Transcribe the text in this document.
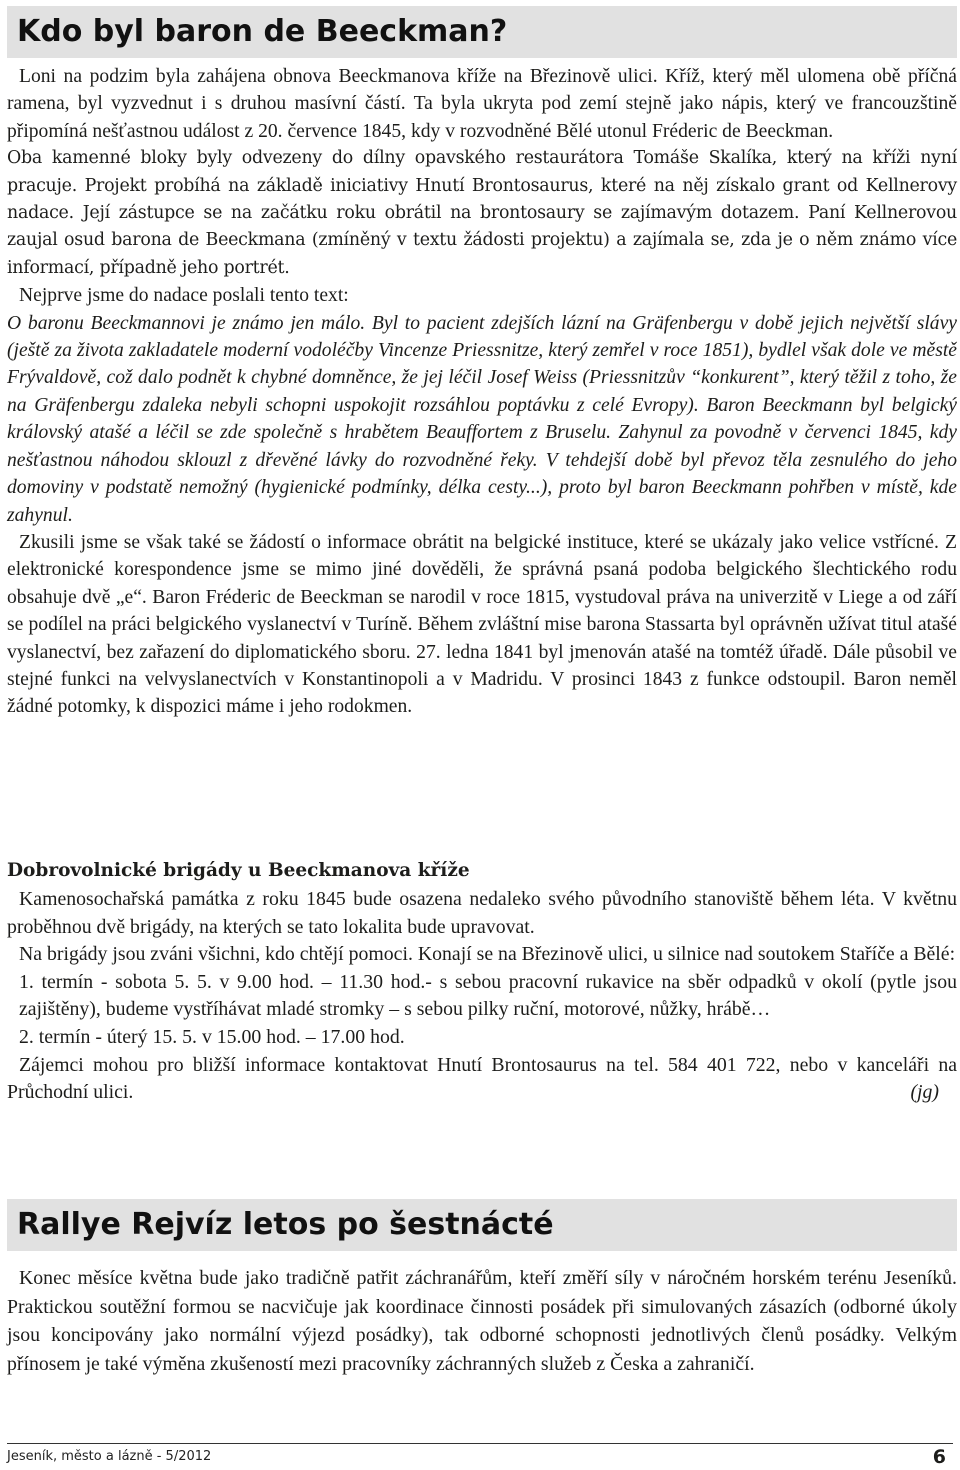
Kdo byl baron de Beeckman?

Loni na podzim byla zahájena obnova Beeckmanova kříže na Březinově ulici. Kříž, který měl ulomena obě příčná ramena, byl vyzvednut i s druhou masívní částí. Ta byla ukryta pod zemí stejně jako nápis, který ve francouzštině připomíná nešťastnou událost z 20. července 1845, kdy v rozvodněné Bělé utonul Fréderic de Beeckman.

Oba kamenné bloky byly odvezeny do dílny opavského restaurátora Tomáše Skalíka, který na kříži nyní pracuje. Projekt probíhá na základě iniciativy Hnutí Brontosaurus, které na něj získalo grant od Kellnerovy nadace. Její zástupce se na začátku roku obrátil na brontosaury se zajímavým dotazem. Paní Kellnerovou zaujal osud barona de Beeckmana (zmíněný v textu žádosti projektu) a zajímala se, zda je o něm známo více informací, případně jeho portrét.

Nejprve jsme do nadace poslali tento text:

O baronu Beeckmannovi je známo jen málo. Byl to pacient zdejších lázní na Gräfenbergu v době jejich největší slávy (ještě za života zakladatele moderní vodoléčby Vincenze Priessnitze, který zemřel v roce 1851), bydlel však dole ve městě Frývaldově, což dalo podnět k chybné domněnce, že jej léčil Josef Weiss (Priessnitzův “konkurent”, který těžil z toho, že na Gräfenbergu zdaleka nebyli schopni uspokojit rozsáhlou poptávku z celé Evropy). Baron Beeckmann byl belgický královský atašé a léčil se zde společně s hrabětem Beauffortem z Bruselu. Zahynul za povodně v červenci 1845, kdy nešťastnou náhodou sklouzl z dřevěné lávky do rozvodněné řeky. V tehdejší době byl převoz těla zesnulého do jeho domoviny v podstatě nemožný (hygienické podmínky, délka cesty...), proto byl baron Beeckmann pohřben v místě, kde zahynul.

Zkusili jsme se však také se žádostí o informace obrátit na belgické instituce, které se ukázaly jako velice vstřícné. Z elektronické korespondence jsme se mimo jiné dověděli, že správná psaná podoba belgického šlechtického rodu obsahuje dvě „e“. Baron Fréderic de Beeckman se narodil v roce 1815, vystudoval práva na univerzitě v Liege a od září se podílel na práci belgického vyslanectví v Turíně. Během zvláštní mise barona Stassarta byl oprávněn užívat titul atašé vyslanectví, bez zařazení do diplomatického sboru. 27. ledna 1841 byl jmenován atašé na tomtéž úřadě. Dále působil ve stejné funkci na velvyslanectvích v Konstantinopoli a v Madridu. V prosinci 1843 z funkce odstoupil. Baron neměl žádné potomky, k dispozici máme i jeho rodokmen.

Dobrovolnické brigády u Beeckmanova kříže

Kamenosochařská památka z roku 1845 bude osazena nedaleko svého původního stanoviště během léta. V květnu proběhnou dvě brigády, na kterých se tato lokalita bude upravovat.

Na brigády jsou zváni všichni, kdo chtějí pomoci. Konají se na Březinově ulici, u silnice nad soutokem Staříče a Bělé:

1. termín - sobota 5. 5. v 9.00 hod. – 11.30 hod.- s sebou pracovní rukavice na sběr odpadků v okolí (pytle jsou zajištěny), budeme vystříhávat mladé stromky – s sebou pilky ruční, motorové, nůžky, hrábě…

2. termín - úterý 15. 5. v 15.00 hod. – 17.00 hod.

Zájemci mohou pro bližší informace kontaktovat Hnutí Brontosaurus na tel. 584 401 722, nebo v kanceláři na Průchodní ulici.	(jg)

Rallye Rejvíz letos po šestnácté

Konec měsíce května bude jako tradičně patřit záchranářům, kteří změří síly v náročném horském terénu Jeseníků. Praktickou soutěžní formou se nacvičuje jak koordinace činnosti posádek při simulovaných zásazích (odborné úkoly jsou koncipovány jako normální výjezd posádky), tak odborné schopnosti jednotlivých členů posádky. Velkým přínosem je také výměna zkušeností mezi pracovníky záchranných služeb z Česka a zahraničí.

Jeseník, město a lázně - 5/2012	6
